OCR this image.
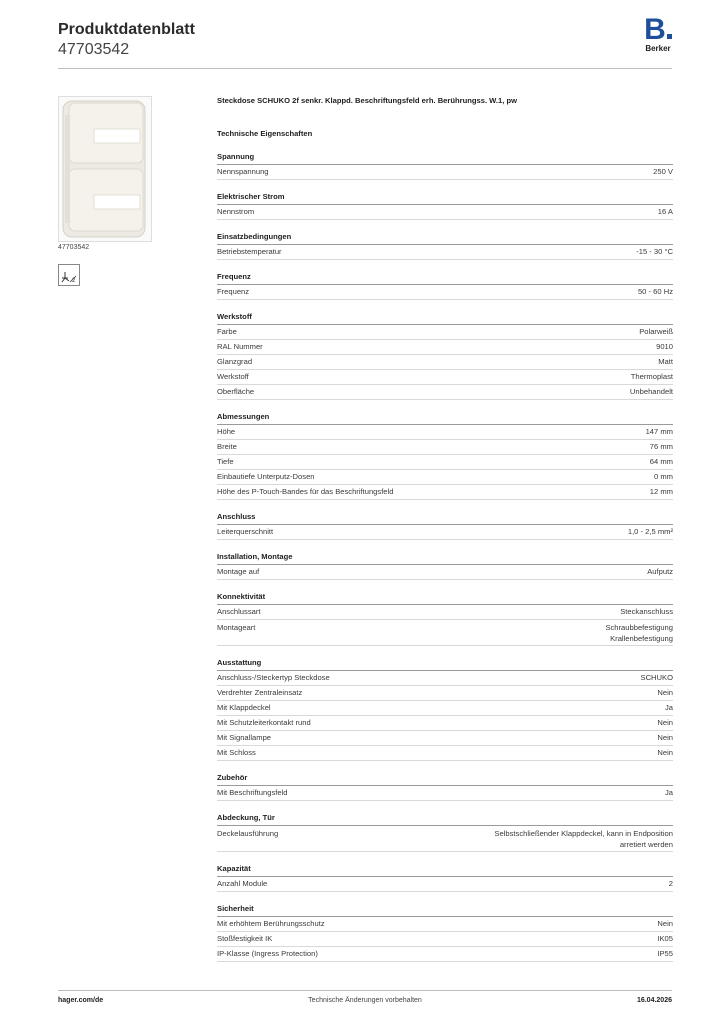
Produktdatenblatt
47703542
B
Berker
47703542
2
Steckdose SCHUKO 2f senkr. Klappd. Beschriftungsfeld erh. Berührungss. W.1, pw
Technische Eigenschaften
Spannung
Nennspannung	250 V
Elektrischer Strom
Nennstrom	16 A
Einsatzbedingungen
Betriebstemperatur	-15 - 30 °C
Frequenz
Frequenz	50 - 60 Hz
Werkstoff
Farbe	Polarweiß
RAL Nummer	9010
Glanzgrad	Matt
Werkstoff	Thermoplast
Oberfläche	Unbehandelt
Abmessungen
Höhe	147 mm
Breite	76 mm
Tiefe	64 mm
Einbautiefe Unterputz-Dosen	0 mm
Höhe des P-Touch-Bandes für das Beschriftungsfeld	12 mm
Anschluss
Leiterquerschnitt	1,0 - 2,5 mm²
Installation, Montage
Montage auf	Aufputz
Konnektivität
Anschlussart	Steckanschluss
Montageart	Schraubbefestigung
Krallenbefestigung
Ausstattung
Anschluss-/Steckertyp Steckdose	SCHUKO
Verdrehter Zentraleinsatz	Nein
Mit Klappdeckel	Ja
Mit Schutzleiterkontakt rund	Nein
Mit Signallampe	Nein
Mit Schloss	Nein
Zubehör
Mit Beschriftungsfeld	Ja
Abdeckung, Tür
Deckelausführung	Selbstschließender Klappdeckel, kann in Endposition
arretiert werden
Kapazität
Anzahl Module	2
Sicherheit
Mit erhöhtem Berührungsschutz	Nein
Stoßfestigkeit IK	IK05
IP-Klasse (Ingress Protection)	IP55
hager.com/de	Technische Änderungen vorbehalten	16.04.2026
